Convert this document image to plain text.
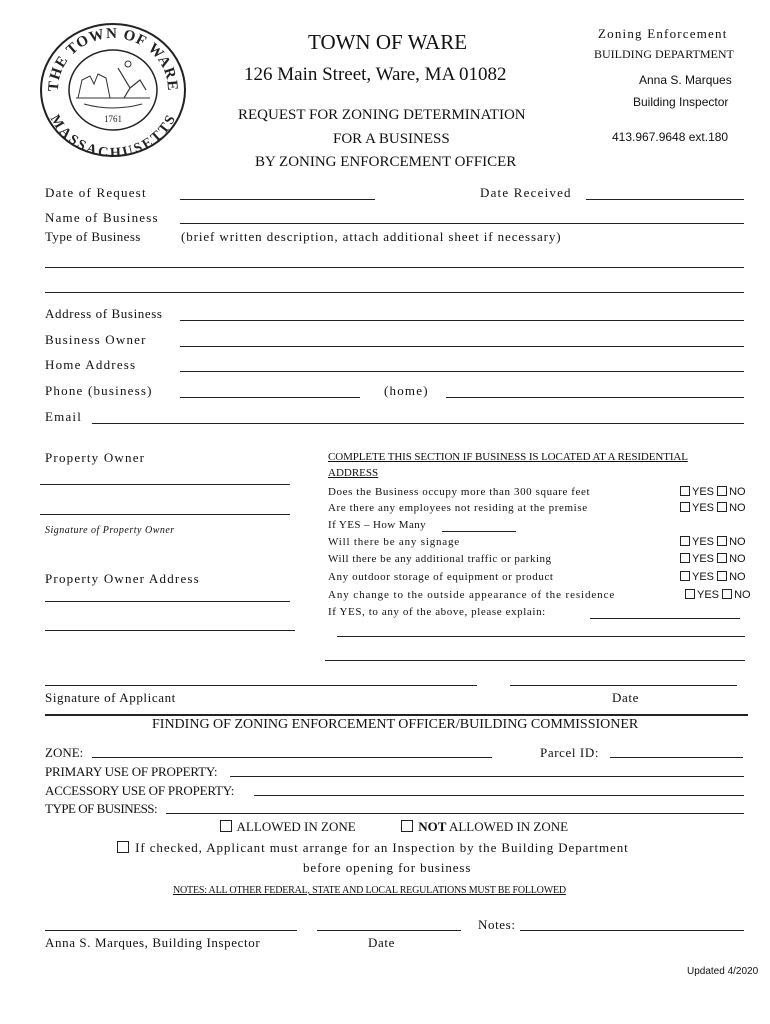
THE TOWN OF WARE
MASSACHUSETTS
1761
TOWN OF WARE
126 Main Street, Ware, MA 01082
REQUEST FOR ZONING DETERMINATION
FOR A BUSINESS
BY ZONING ENFORCEMENT OFFICER
Zoning Enforcement
BUILDING DEPARTMENT
Anna S. Marques
Building Inspector
413.967.9648 ext.180
Date of Request	Date Received
Name of Business
Type of Business	(brief written description, attach additional sheet if necessary)
Address of Business
Business Owner
Home Address
Phone (business)	(home)
Email
Property Owner
Signature of Property Owner
Property Owner Address
COMPLETE THIS SECTION IF BUSINESS IS LOCATED AT A RESIDENTIAL
ADDRESS
Does the Business occupy more than 300 square feet	YES NO
Are there any employees not residing at the premise	YES NO
If YES – How Many
Will there be any signage	YES NO
Will there be any additional traffic or parking	YES NO
Any outdoor storage of equipment or product	YES NO
Any change to the outside appearance of the residence	YES NO
If YES, to any of the above, please explain:
Signature of Applicant	Date
FINDING OF ZONING ENFORCEMENT OFFICER/BUILDING COMMISSIONER
ZONE:	Parcel ID:
PRIMARY USE OF PROPERTY:
ACCESSORY USE OF PROPERTY:
TYPE OF BUSINESS:
ALLOWED IN ZONE	NOT ALLOWED IN ZONE
If checked, Applicant must arrange for an Inspection by the Building Department
before opening for business
NOTES: ALL OTHER FEDERAL, STATE AND LOCAL REGULATIONS MUST BE FOLLOWED
Notes:
Anna S. Marques, Building Inspector	Date
Updated 4/2020
